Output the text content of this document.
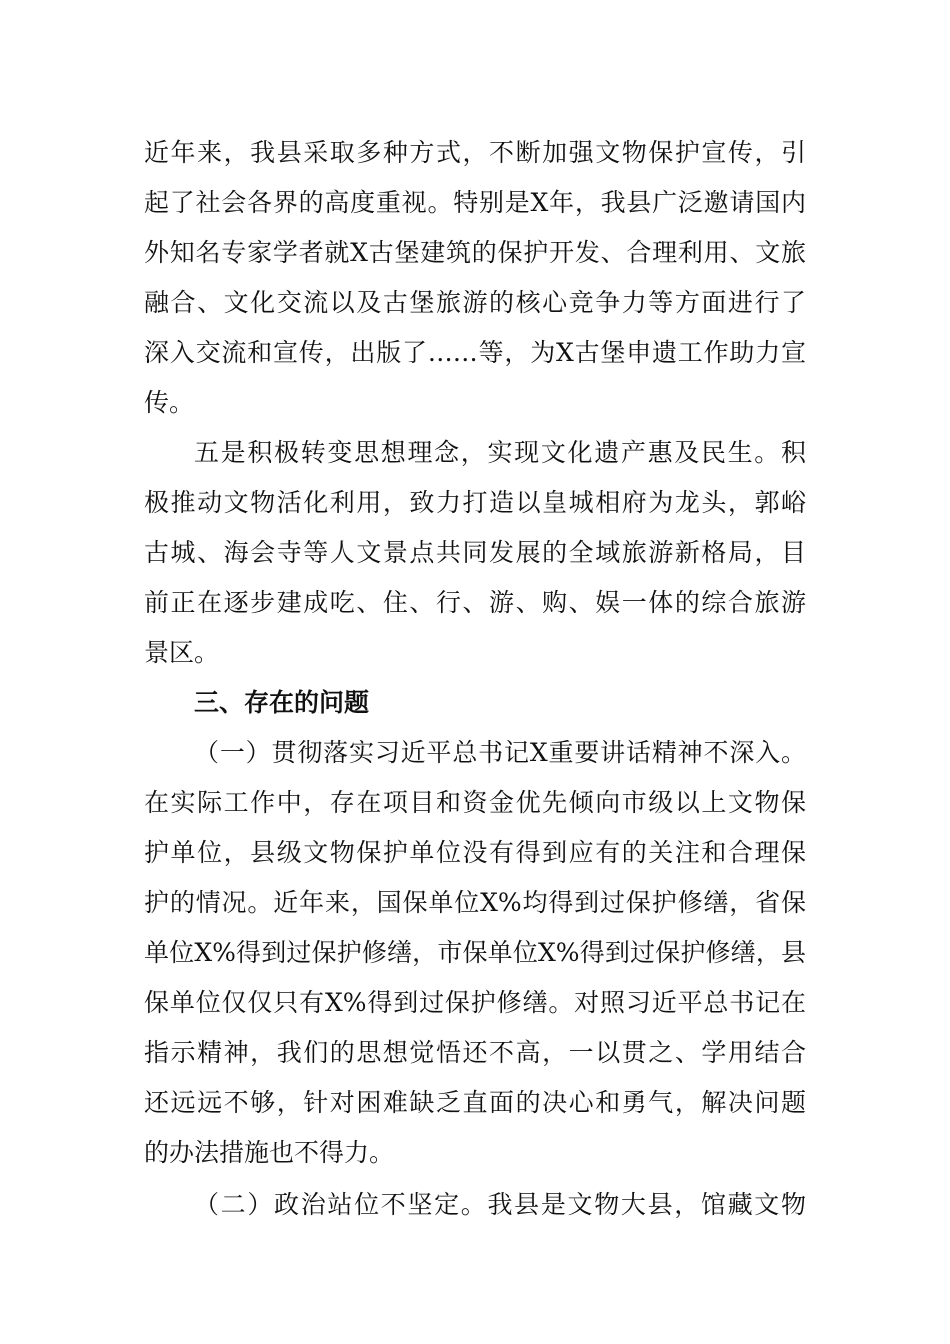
近年来，我县采取多种方式，不断加强文物保护宣传，引
起了社会各界的高度重视。特别是X年，我县广泛邀请国内
外知名专家学者就X古堡建筑的保护开发、合理利用、文旅
融合、文化交流以及古堡旅游的核心竞争力等方面进行了
深入交流和宣传，出版了……等，为X古堡申遗工作助力宣
传。
五是积极转变思想理念，实现文化遗产惠及民生。积
极推动文物活化利用，致力打造以皇城相府为龙头，郭峪
古城、海会寺等人文景点共同发展的全域旅游新格局，目
前正在逐步建成吃、住、行、游、购、娱一体的综合旅游
景区。
三、存在的问题
（一）贯彻落实习近平总书记X重要讲话精神不深入。
在实际工作中，存在项目和资金优先倾向市级以上文物保
护单位，县级文物保护单位没有得到应有的关注和合理保
护的情况。近年来，国保单位X%均得到过保护修缮，省保
单位X%得到过保护修缮，市保单位X%得到过保护修缮，县
保单位仅仅只有X%得到过保护修缮。对照习近平总书记在
指示精神，我们的思想觉悟还不高，一以贯之、学用结合
还远远不够，针对困难缺乏直面的决心和勇气，解决问题
的办法措施也不得力。
（二）政治站位不坚定。我县是文物大县，馆藏文物
